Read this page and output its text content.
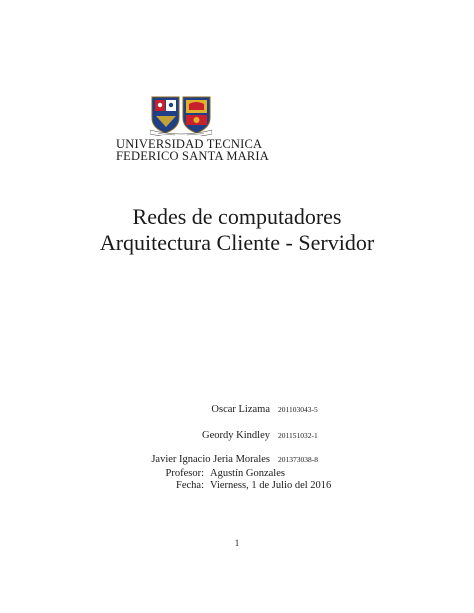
UNIVERSIDAD TECNICA
FEDERICO SANTA MARIA
Redes de computadores
Arquitectura Cliente - Servidor
Oscar Lizama 201103043-5
Geordy Kindley 201151032-1
Javier Ignacio Jeria Morales 201373038-8
Profesor: Agustín Gonzales
Fecha: Vierness, 1 de Julio del 2016
1
